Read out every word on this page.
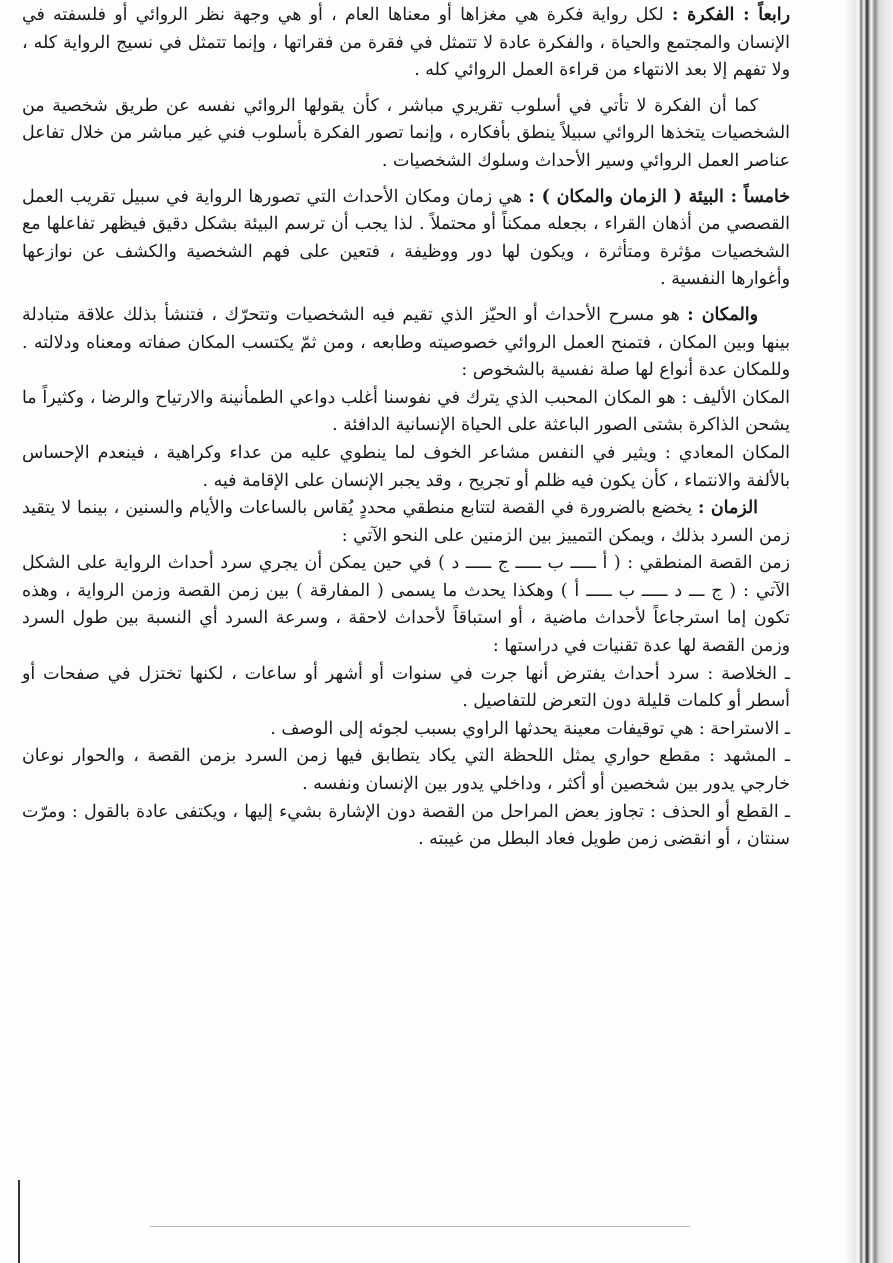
رابعاً : الفكرة : لكل رواية فكرة هي مغزاها أو معناها العام ، أو هي وجهة نظر الروائي أو فلسفته في الإنسان والمجتمع والحياة ، والفكرة عادة لا تتمثل في فقرة من فقراتها ، وإنما تتمثل في نسيج الرواية كله ، ولا تفهم إلا بعد الانتهاء من قراءة العمل الروائي كله .

كما أن الفكرة لا تأتي في أسلوب تقريري مباشر ، كأن يقولها الروائي نفسه عن طريق شخصية من الشخصيات يتخذها الروائي سبيلاً ينطق بأفكاره ، وإنما تصور الفكرة بأسلوب فني غير مباشر من خلال تفاعل عناصر العمل الروائي وسير الأحداث وسلوك الشخصيات .

خامساً : البيئة ( الزمان والمكان ) : هي زمان ومكان الأحداث التي تصورها الرواية في سبيل تقريب العمل القصصي من أذهان القراء ، بجعله ممكناً أو محتملاً . لذا يجب أن ترسم البيئة بشكل دقيق فيظهر تفاعلها مع الشخصيات مؤثرة ومتأثرة ، ويكون لها دور ووظيفة ، فتعين على فهم الشخصية والكشف عن نوازعها وأغوارها النفسية .

والمكان : هو مسرح الأحداث أو الحيّز الذي تقيم فيه الشخصيات وتتحرّك ، فتنشأ بذلك علاقة متبادلة بينها وبين المكان ، فتمنح العمل الروائي خصوصيته وطابعه ، ومن ثمّ يكتسب المكان صفاته ومعناه ودلالته . وللمكان عدة أنواع لها صلة نفسية بالشخوص :

المكان الأليف : هو المكان المحبب الذي يترك في نفوسنا أغلب دواعي الطمأنينة والارتياح والرضا ، وكثيراً ما يشحن الذاكرة بشتى الصور الباعثة على الحياة الإنسانية الدافئة .

المكان المعادي : ويثير في النفس مشاعر الخوف لما ينطوي عليه من عداء وكراهية ، فينعدم الإحساس بالألفة والانتماء ، كأن يكون فيه ظلم أو تجريح ، وقد يجبر الإنسان على الإقامة فيه .

الزمان : يخضع بالضرورة في القصة لتتابع منطقي محددٍ يُقاس بالساعات والأيام والسنين ، بينما لا يتقيد زمن السرد بذلك ، ويمكن التمييز بين الزمنين على النحو الآتي :

زمن القصة المنطقي : ( أ ـــــ ب ـــــ ج ـــــ د ) في حين يمكن أن يجري سرد أحداث الرواية على الشكل الآتي : ( ج ـــ د ـــــ ب ـــــ أ ) وهكذا يحدث ما يسمى ( المفارقة ) بين زمن القصة وزمن الرواية ، وهذه تكون إما استرجاعاً لأحداث ماضية ، أو استباقاً لأحداث لاحقة ، وسرعة السرد أي النسبة بين طول السرد وزمن القصة لها عدة تقنيات في دراستها :

ـ الخلاصة : سرد أحداث يفترض أنها جرت في سنوات أو أشهر أو ساعات ، لكنها تختزل في صفحات أو أسطر أو كلمات قليلة دون التعرض للتفاصيل .

ـ الاستراحة : هي توقيفات معينة يحدثها الراوي بسبب لجوئه إلى الوصف .

ـ المشهد : مقطع حواري يمثل اللحظة التي يكاد يتطابق فيها زمن السرد بزمن القصة ، والحوار نوعان خارجي يدور بين شخصين أو أكثر ، وداخلي يدور بين الإنسان ونفسه .

ـ القطع أو الحذف : تجاوز بعض المراحل من القصة دون الإشارة بشيء إليها ، ويكتفى عادة بالقول : ومرّت سنتان ، أو انقضى زمن طويل فعاد البطل من غيبته .
